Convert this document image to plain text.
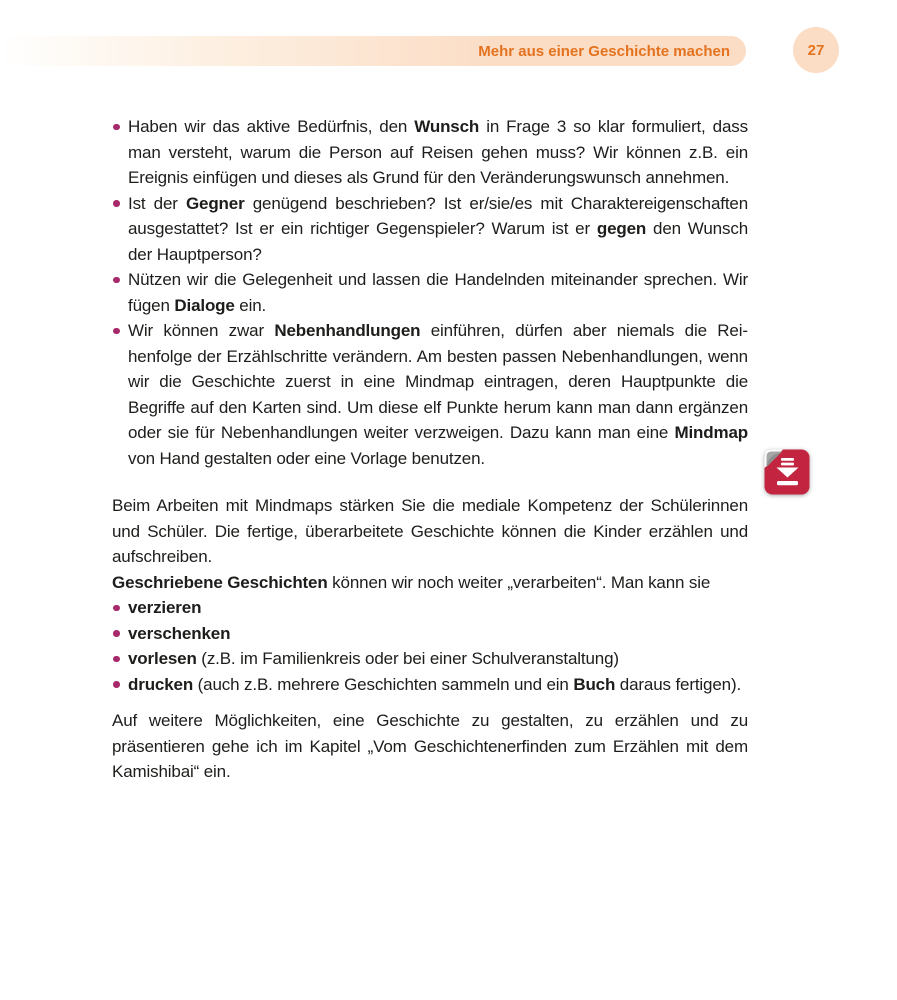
Mehr aus einer Geschichte machen	27
Haben wir das aktive Bedürfnis, den Wunsch in Frage 3 so klar formuliert, dass man versteht, warum die Person auf Reisen gehen muss? Wir können z.B. ein Ereignis einfügen und dieses als Grund für den Veränderungswunsch annehmen.
Ist der Gegner genügend beschrieben? Ist er/sie/es mit Charaktereigenschaften ausgestattet? Ist er ein richtiger Gegenspieler? Warum ist er gegen den Wunsch der Hauptperson?
Nützen wir die Gelegenheit und lassen die Handelnden miteinander sprechen. Wir fügen Dialoge ein.
Wir können zwar Nebenhandlungen einführen, dürfen aber niemals die Reihenfolge der Erzählschritte verändern. Am besten passen Nebenhandlungen, wenn wir die Geschichte zuerst in eine Mindmap eintragen, deren Hauptpunkte die Begriffe auf den Karten sind. Um diese elf Punkte herum kann man dann ergänzen oder sie für Nebenhandlungen weiter verzweigen. Dazu kann man eine Mindmap von Hand gestalten oder eine Vorlage benutzen.

Beim Arbeiten mit Mindmaps stärken Sie die mediale Kompetenz der Schülerinnen und Schüler. Die fertige, überarbeitete Geschichte können die Kinder erzählen und aufschreiben.

Geschriebene Geschichten können wir noch weiter „verarbeiten“. Man kann sie

verzieren
verschenken
vorlesen (z.B. im Familienkreis oder bei einer Schulveranstaltung)
drucken (auch z.B. mehrere Geschichten sammeln und ein Buch daraus fertigen).

Auf weitere Möglichkeiten, eine Geschichte zu gestalten, zu erzählen und zu präsentieren gehe ich im Kapitel „Vom Geschichtenerfinden zum Erzählen mit dem Kamishibai“ ein.
